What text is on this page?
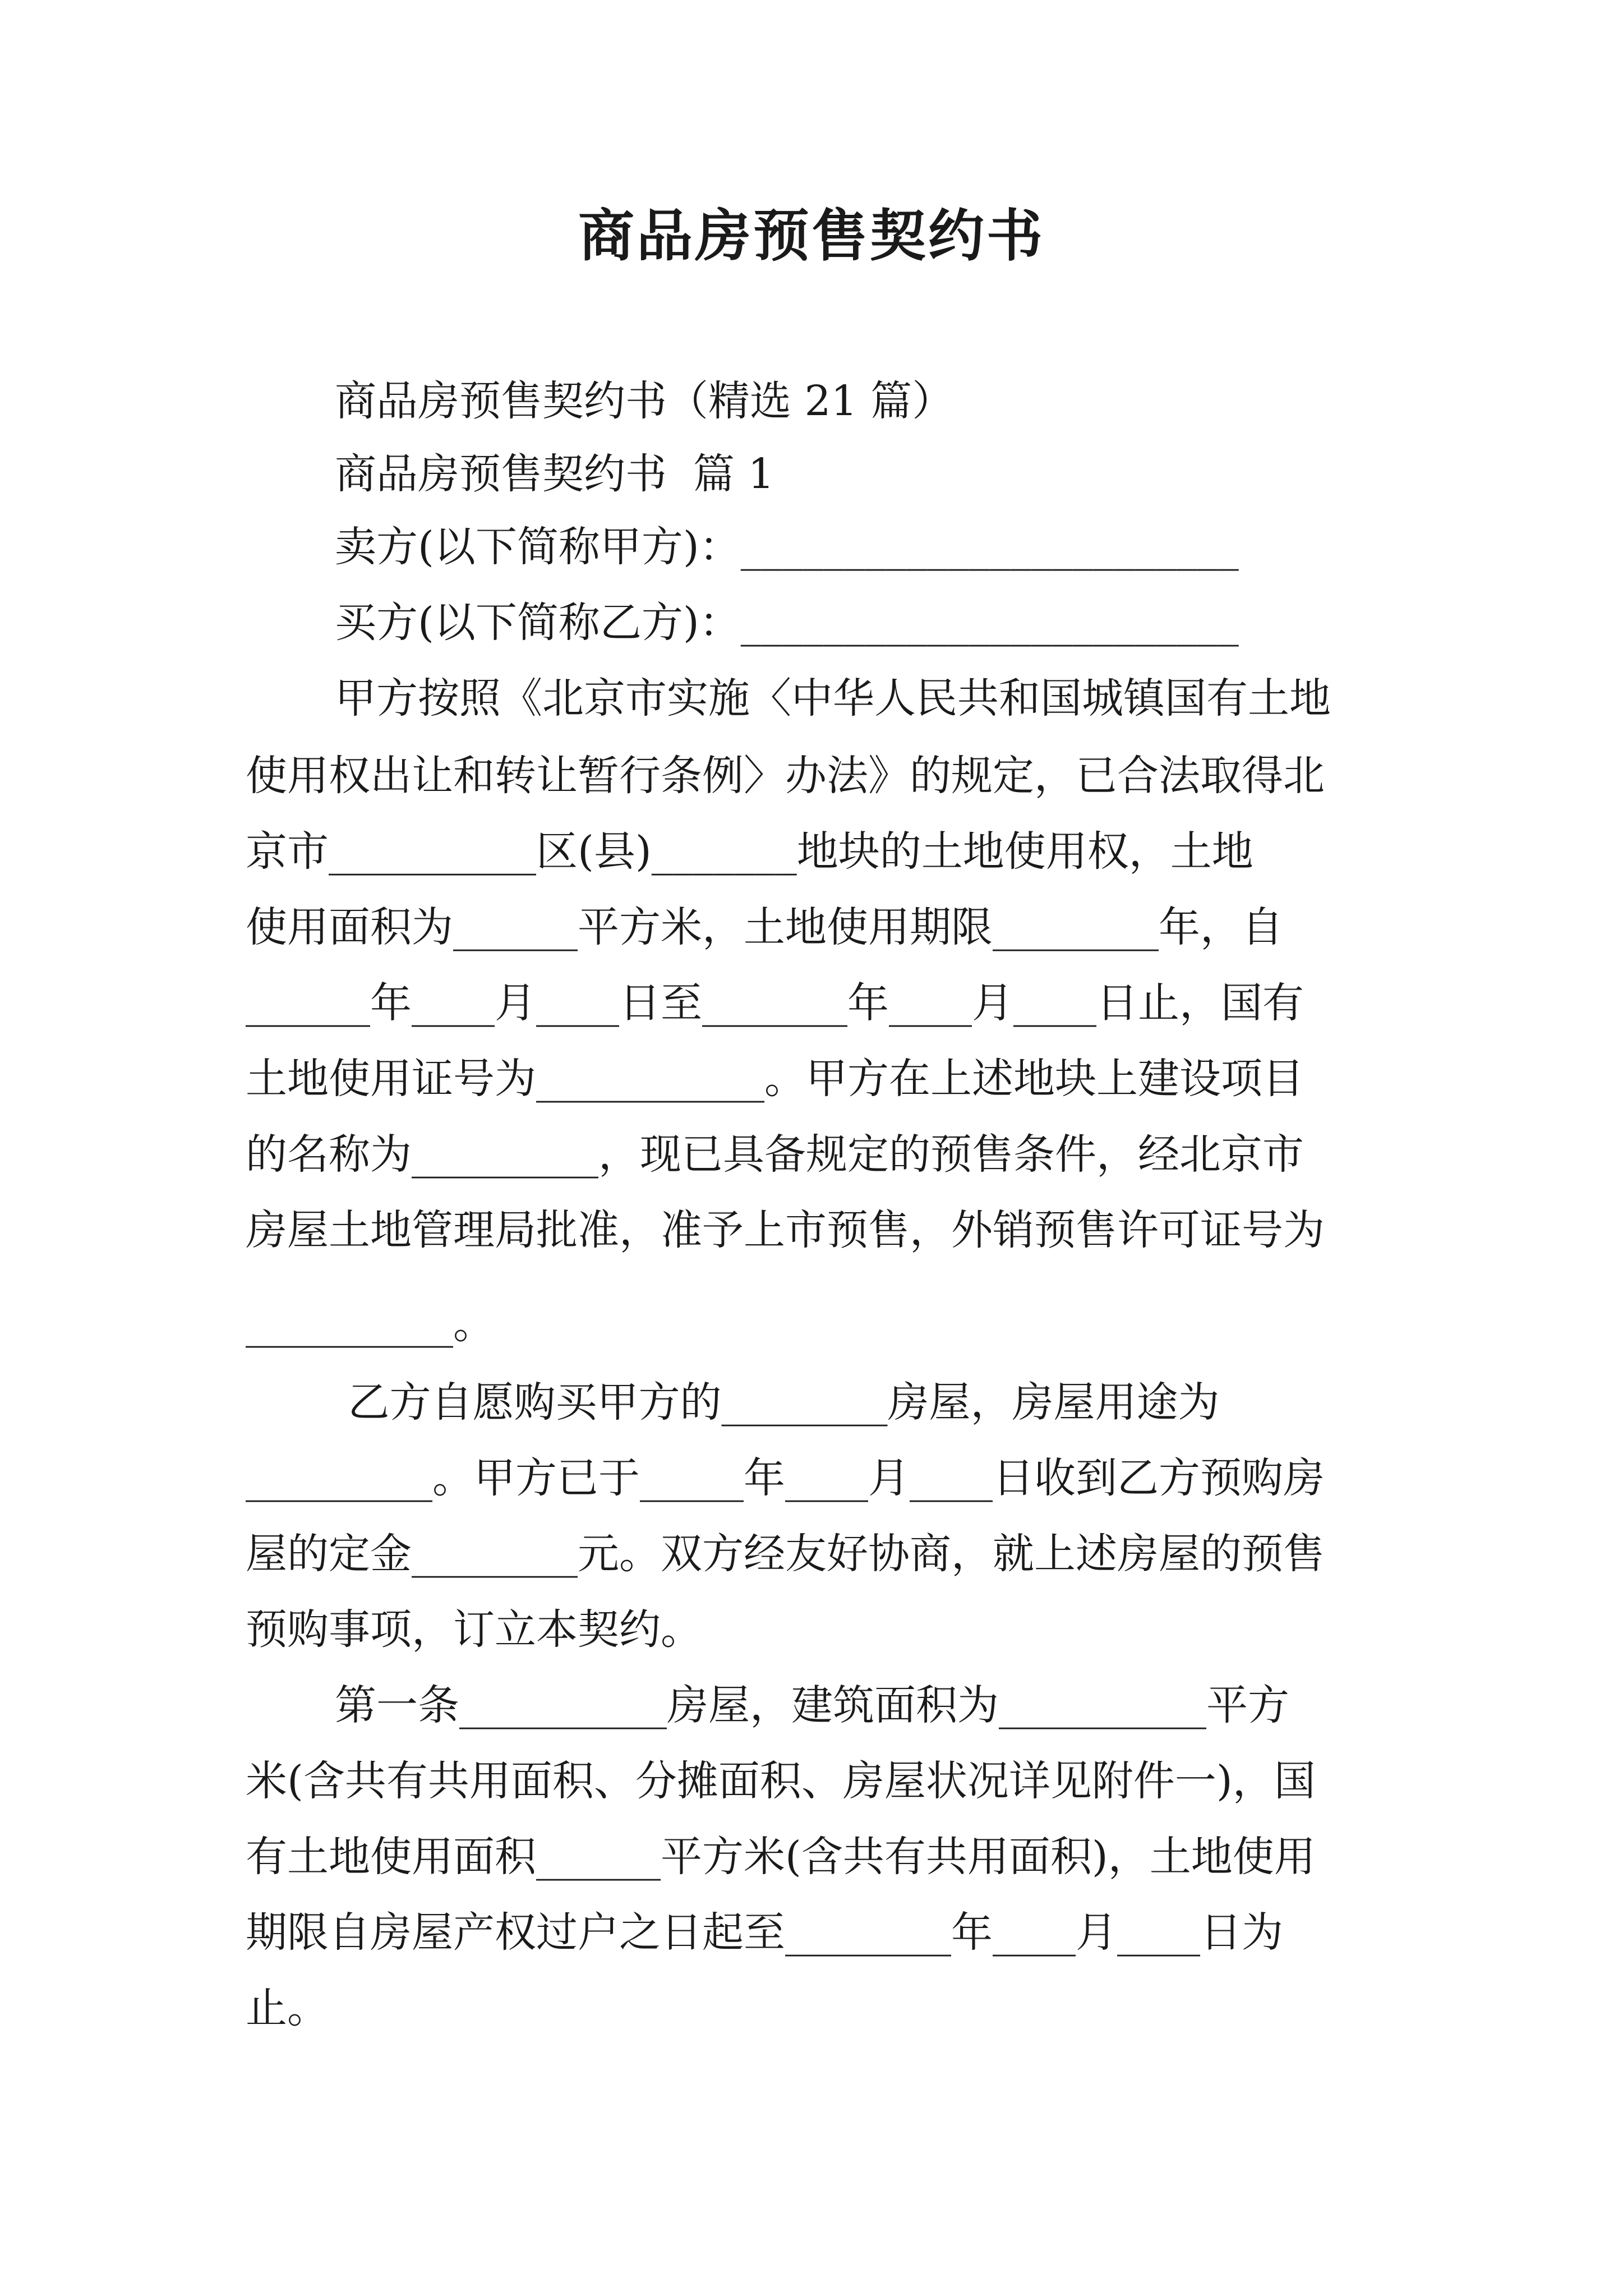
商品房预售契约书
商品房预售契约书（精选 21 篇）
商品房预售契约书  篇 1
卖方(以下简称甲方)：________________________
买方(以下简称乙方)：________________________
甲方按照《北京市实施〈中华人民共和国城镇国有土地
使用权出让和转让暂行条例〉办法》的规定，已合法取得北
京市__________区(县)_______地块的土地使用权，土地
使用面积为______平方米，土地使用期限________年，自
______年____月____日至_______年____月____日止，国有
土地使用证号为___________。甲方在上述地块上建设项目
的名称为_________，现已具备规定的预售条件，经北京市
房屋土地管理局批准，准予上市预售，外销预售许可证号为
__________。
乙方自愿购买甲方的________房屋，房屋用途为
_________。甲方已于_____年____月____日收到乙方预购房
屋的定金________元。双方经友好协商，就上述房屋的预售
预购事项，订立本契约。
第一条__________房屋，建筑面积为__________平方
米(含共有共用面积、分摊面积、房屋状况详见附件一)，国
有土地使用面积______平方米(含共有共用面积)，土地使用
期限自房屋产权过户之日起至________年____月____日为
止。
